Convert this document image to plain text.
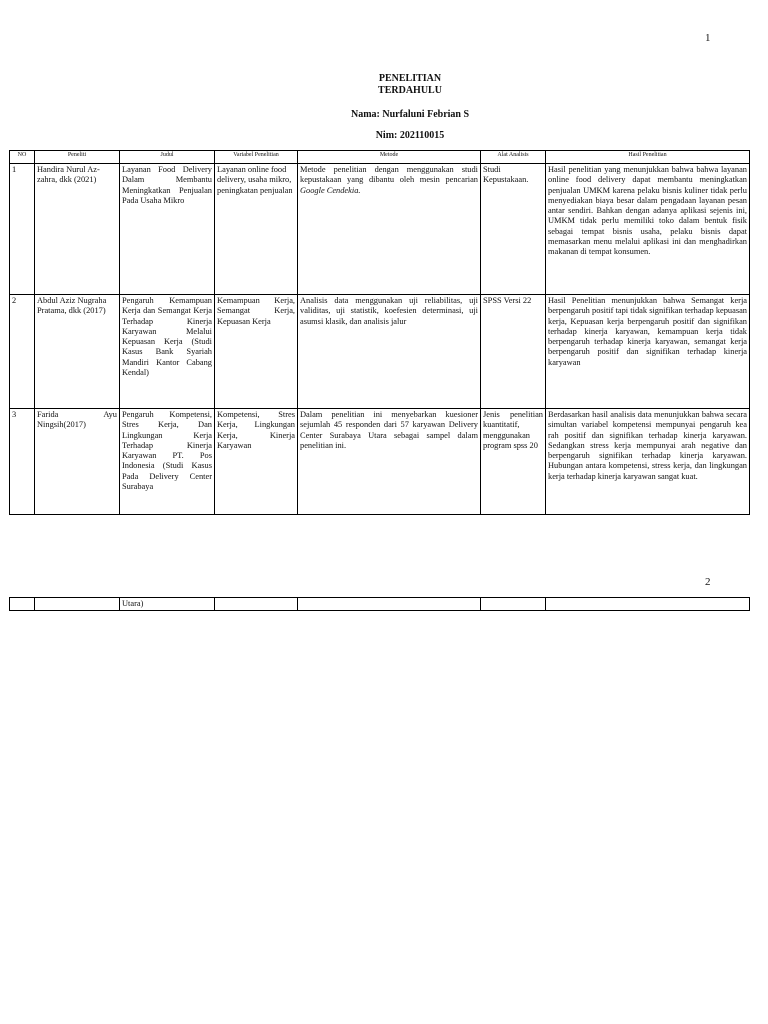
1
PENELITIAN
TERDAHULU
Nama: Nurfaluni Febrian S
Nim: 202110015
NO	Peneliti	Judul	Variabel Penelitian	Metode	Alat Analisis	Hasil Penelitian
1	Handira Nurul Az-zahra, dkk (2021)	Layanan Food Delivery Dalam Membantu Meningkatkan Penjualan Pada Usaha Mikro	Layanan online food delivery, usaha mikro, peningkatan penjualan	Metode penelitian dengan menggunakan studi kepustakaan yang dibantu oleh mesin pencarian Google Cendekia.	Studi Kepustakaan.	Hasil penelitian yang menunjukkan bahwa bahwa layanan online food delivery dapat membantu meningkatkan penjualan UMKM karena pelaku bisnis kuliner tidak perlu menyediakan biaya besar dalam pengadaan layanan pesan antar sendiri. Bahkan dengan adanya aplikasi sejenis ini, UMKM tidak perlu memiliki toko dalam bentuk fisik sebagai tempat bisnis usaha, pelaku bisnis dapat memasarkan menu melalui aplikasi ini dan menghadirkan makanan di tempat konsumen.
2	Abdul Aziz Nugraha Pratama, dkk (2017)	Pengaruh Kemampuan Kerja dan Semangat Kerja Terhadap Kinerja Karyawan Melalui Kepuasan Kerja (Studi Kasus Bank Syariah Mandiri Kantor Cabang Kendal)	Kemampuan Kerja, Semangat Kerja, Kepuasan Kerja	Analisis data menggunakan uji reliabilitas, uji validitas, uji statistik, koefesien determinasi, uji asumsi klasik, dan analisis jalur	SPSS Versi 22	Hasil Penelitian menunjukkan bahwa Semangat kerja berpengaruh positif tapi tidak signifikan terhadap kepuasan kerja, Kepuasan kerja berpengaruh positif dan signifikan terhadap kinerja karyawan, kemampuan kerja tidak berpengaruh terhadap kinerja karyawan, semangat kerja berpengaruh positif dan signifikan terhadap kinerja karyawan
3	Farida Ayu Ningsih(2017)	Pengaruh Kompetensi, Stres Kerja, Dan Lingkungan Kerja Terhadap Kinerja Karyawan PT. Pos Indonesia (Studi Kasus Pada Delivery Center Surabaya	Kompetensi, Stres Kerja, Lingkungan Kerja, Kinerja Karyawan	Dalam penelitian ini menyebarkan kuesioner sejumlah 45 responden dari 57 karyawan Delivery Center Surabaya Utara sebagai sampel dalam penelitian ini.	Jenis penelitian kuantitatif, menggunakan program spss 20	Berdasarkan hasil analisis data menunjukkan bahwa secara simultan variabel kompetensi mempunyai pengaruh kea rah positif dan signifikan terhadap kinerja karyawan. Sedangkan stress kerja mempunyai arah negative dan berpengaruh signifikan terhadap kinerja karyawan. Hubungan antara kompetensi, stress kerja, dan lingkungan kerja terhadap kinerja karyawan sangat kuat.
2
		Utara)				
